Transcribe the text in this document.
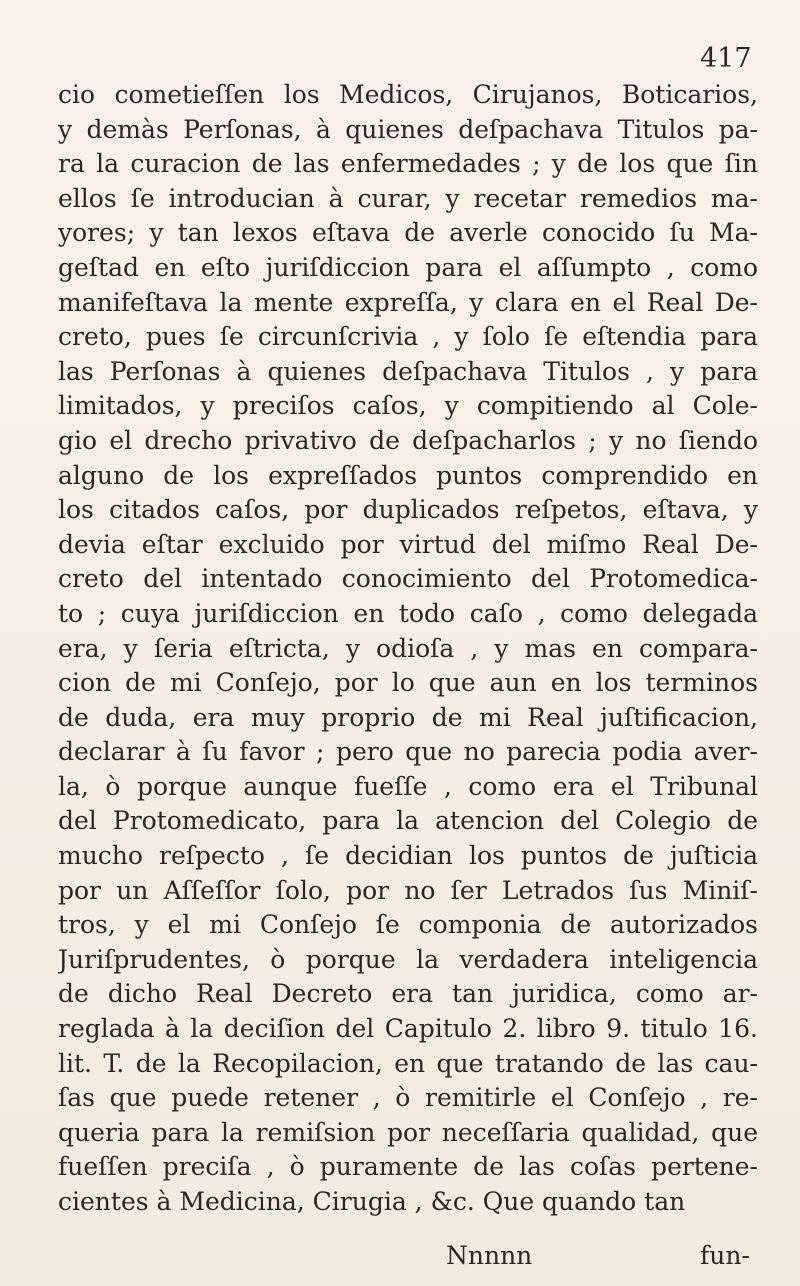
417
cio cometieſſen los Medicos, Cirujanos, Boticarios,
y demàs Perſonas, à quienes deſpachava Titulos pa-
ra la curacion de las enfermedades ; y de los que ſin
ellos ſe introducian à curar, y recetar remedios ma-
yores; y tan lexos eſtava de averle conocido ſu Ma-
geſtad en eſto juriſdiccion para el aſſumpto , como
manifeſtava la mente expreſſa, y clara en el Real De-
creto, pues ſe circunſcrivia , y ſolo ſe eſtendia para
las Perſonas à quienes deſpachava Titulos , y para
limitados, y preciſos caſos, y compitiendo al Cole-
gio el drecho privativo de deſpacharlos ; y no ſiendo
alguno de los expreſſados puntos comprendido en
los citados caſos, por duplicados reſpetos, eſtava, y
devia eſtar excluido por virtud del miſmo Real De-
creto del intentado conocimiento del Protomedica-
to ; cuya juriſdiccion en todo caſo , como delegada
era, y ſeria eſtricta, y odioſa , y mas en compara-
cion de mi Conſejo, por lo que aun en los terminos
de duda, era muy proprio de mi Real juſtificacion,
declarar à ſu favor ; pero que no parecia podia aver-
la, ò porque aunque fueſſe , como era el Tribunal
del Protomedicato, para la atencion del Colegio de
mucho reſpecto , ſe decidian los puntos de juſticia
por un Aſſeſſor ſolo, por no ſer Letrados ſus Miniſ-
tros, y el mi Conſejo ſe componia de autorizados
Juriſprudentes, ò porque la verdadera inteligencia
de dicho Real Decreto era tan juridica, como ar-
reglada à la deciſion del Capitulo 2. libro 9. titulo 16.
lit. T. de la Recopilacion, en que tratando de las cau-
ſas que puede retener , ò remitirle el Conſejo , re-
queria para la remiſsion por neceſſaria qualidad, que
fueſſen preciſa , ò puramente de las coſas pertene-
cientes à Medicina, Cirugia , &c. Que quando tan
Nnnnn	fun-
